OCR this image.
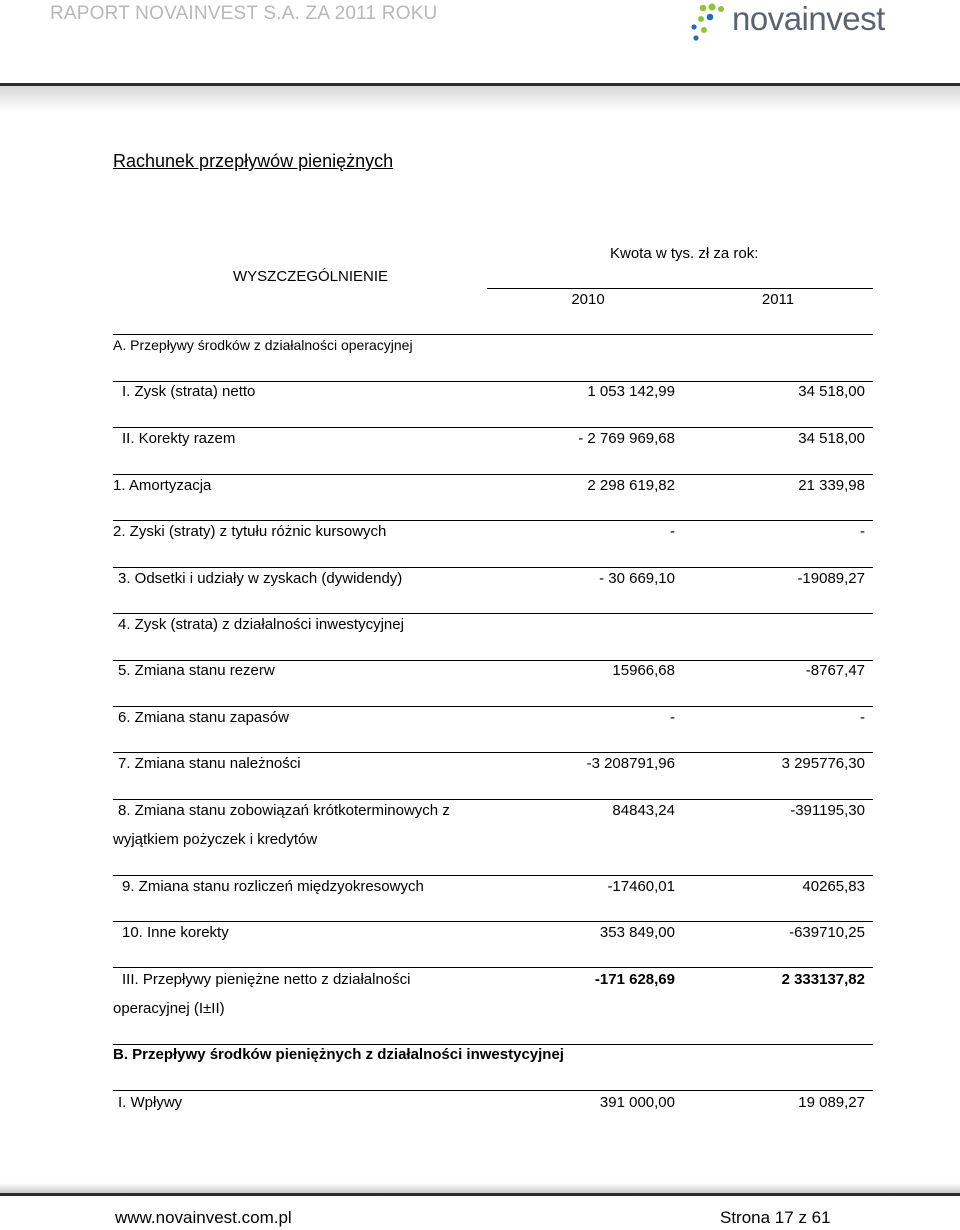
RAPORT NOVAINVEST S.A. ZA 2011 ROKU	novainvest
Rachunek przepływów pieniężnych
WYSZCZEGÓLNIENIE
Kwota w tys. zł za rok:
2010	2011
A. Przepływy środków z działalności operacyjnej
I. Zysk (strata) netto	1 053 142,99	34 518,00
II. Korekty razem	- 2 769 969,68	34 518,00
1. Amortyzacja	2 298 619,82	21 339,98
2. Zyski (straty) z tytułu różnic kursowych	-	-
3. Odsetki i udziały w zyskach (dywidendy)	- 30 669,10	-19089,27
4. Zysk (strata) z działalności inwestycyjnej
5. Zmiana stanu rezerw	15966,68	-8767,47
6. Zmiana stanu zapasów	-	-
7. Zmiana stanu należności	-3 208791,96	3 295776,30
8. Zmiana stanu zobowiązań krótkoterminowych z
wyjątkiem pożyczek i kredytów
84843,24	-391195,30
9. Zmiana stanu rozliczeń międzyokresowych	-17460,01	40265,83
10. Inne korekty	353 849,00	-639710,25
III. Przepływy pieniężne netto z działalności
operacyjnej (I±II)
-171 628,69	2 333137,82
B. Przepływy środków pieniężnych z działalności inwestycyjnej
I. Wpływy	391 000,00	19 089,27
www.novainvest.com.pl	Strona 17 z 61
